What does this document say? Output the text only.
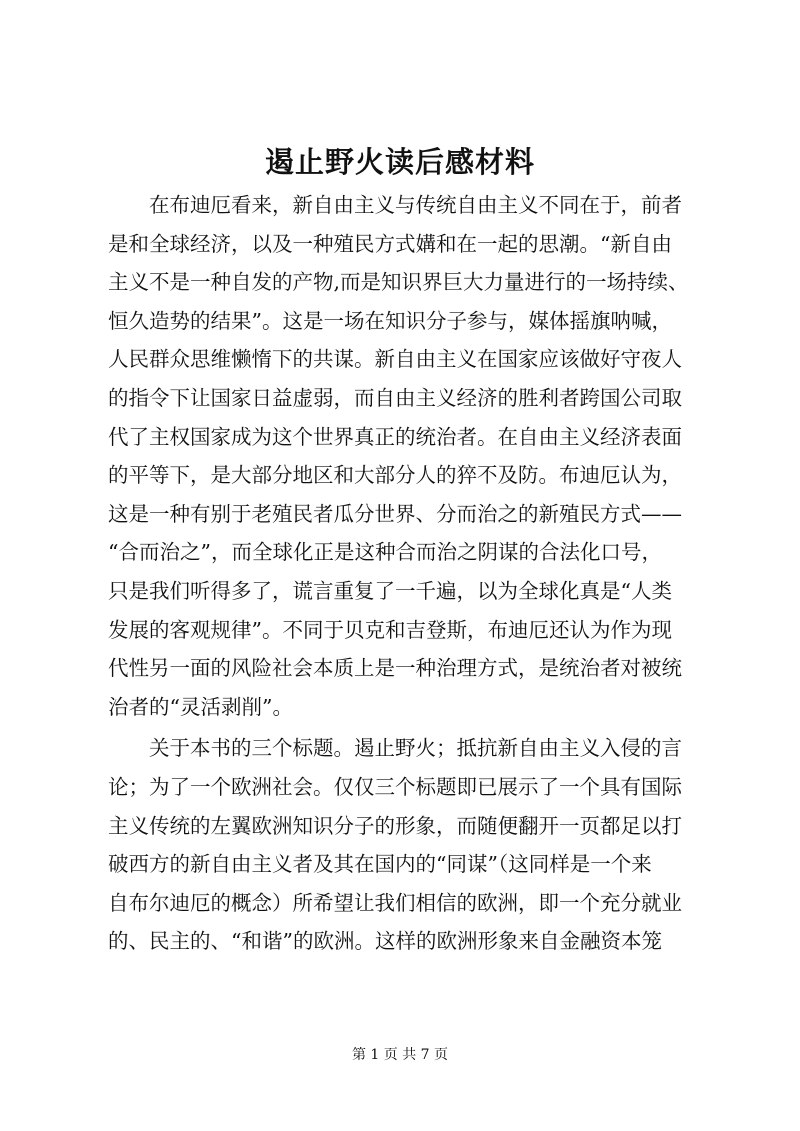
遏止野火读后感材料
在布迪厄看来，新自由主义与传统自由主义不同在于，前者
是和全球经济，以及一种殖民方式媾和在一起的思潮。“新自由
主义不是一种自发的产物,而是知识界巨大力量进行的一场持续、
恒久造势的结果”。这是一场在知识分子参与，媒体摇旗呐喊，
人民群众思维懒惰下的共谋。新自由主义在国家应该做好守夜人
的指令下让国家日益虚弱，而自由主义经济的胜利者跨国公司取
代了主权国家成为这个世界真正的统治者。在自由主义经济表面
的平等下，是大部分地区和大部分人的猝不及防。布迪厄认为，
这是一种有别于老殖民者瓜分世界、分而治之的新殖民方式——
“合而治之”，而全球化正是这种合而治之阴谋的合法化口号，
只是我们听得多了，谎言重复了一千遍，以为全球化真是“人类
发展的客观规律”。不同于贝克和吉登斯，布迪厄还认为作为现
代性另一面的风险社会本质上是一种治理方式，是统治者对被统
治者的“灵活剥削”。
关于本书的三个标题。遏止野火；抵抗新自由主义入侵的言
论；为了一个欧洲社会。仅仅三个标题即已展示了一个具有国际
主义传统的左翼欧洲知识分子的形象，而随便翻开一页都足以打
破西方的新自由主义者及其在国内的“同谋”（这同样是一个来
自布尔迪厄的概念）所希望让我们相信的欧洲，即一个充分就业
的、民主的、“和谐”的欧洲。这样的欧洲形象来自金融资本笼
第 1 页 共 7 页
